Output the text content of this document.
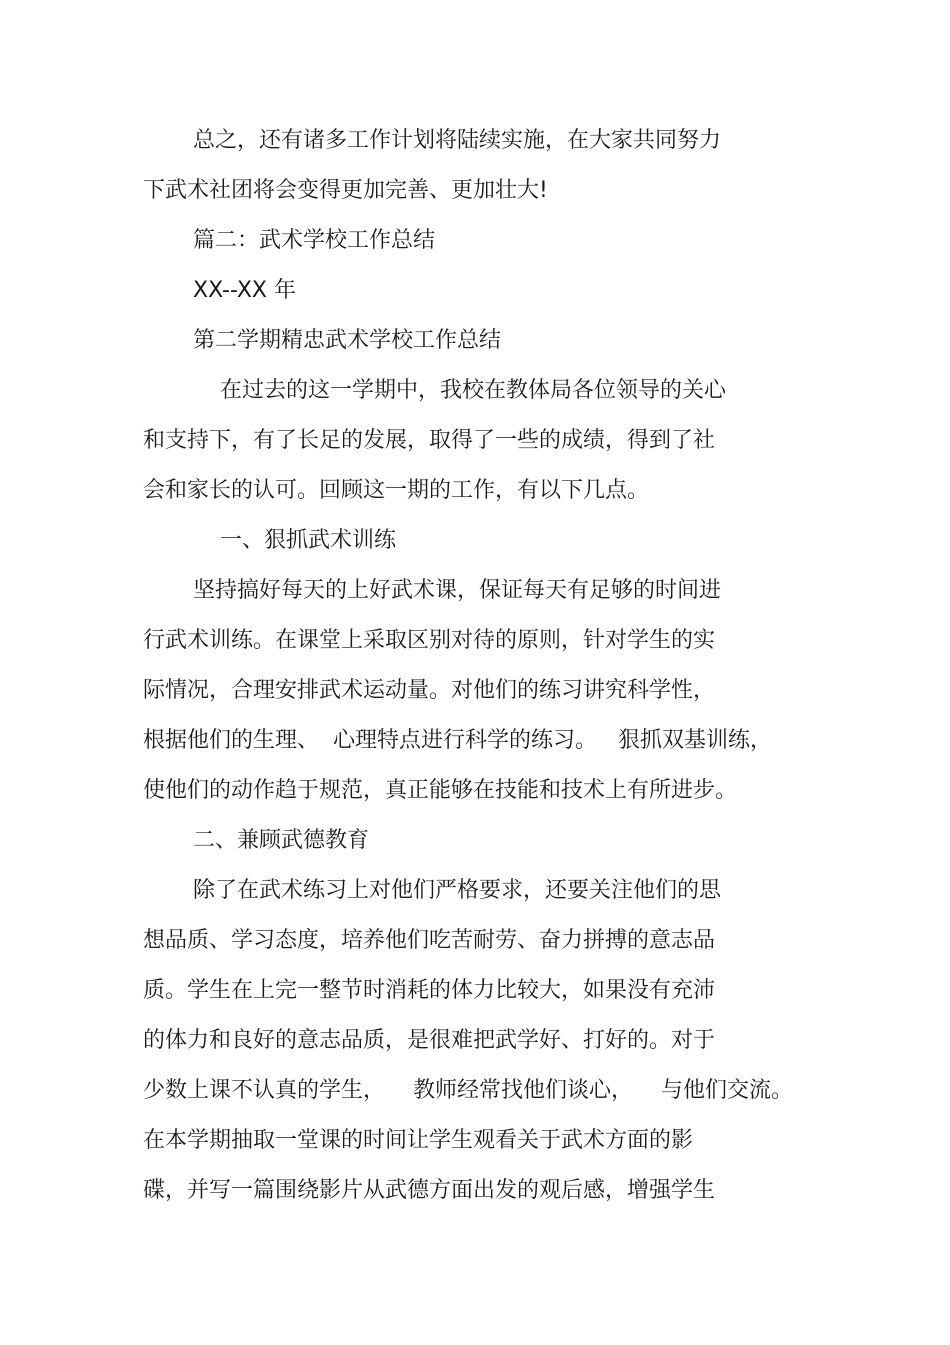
总之，还有诸多工作计划将陆续实施，在大家共同努力

下武术社团将会变得更加完善、更加壮大!

篇二：武术学校工作总结

XX--XX 年

第二学期精忠武术学校工作总结

在过去的这一学期中，我校在教体局各位领导的关心

和支持下，有了长足的发展，取得了一些的成绩，得到了社

会和家长的认可。回顾这一期的工作，有以下几点。

一、狠抓武术训练

坚持搞好每天的上好武术课，保证每天有足够的时间进

行武术训练。在课堂上采取区别对待的原则，针对学生的实

际情况，合理安排武术运动量。对他们的练习讲究科学性，

根据他们的生理、  心理特点进行科学的练习。   狠抓双基训练，

使他们的动作趋于规范，真正能够在技能和技术上有所进步。

二、兼顾武德教育

除了在武术练习上对他们严格要求，还要关注他们的思

想品质、学习态度，培养他们吃苦耐劳、奋力拼搏的意志品

质。学生在上完一整节时消耗的体力比较大，如果没有充沛

的体力和良好的意志品质，是很难把武学好、打好的。对于

少数上课不认真的学生，    教师经常找他们谈心，    与他们交流。

在本学期抽取一堂课的时间让学生观看关于武术方面的影

碟，并写一篇围绕影片从武德方面出发的观后感，增强学生
